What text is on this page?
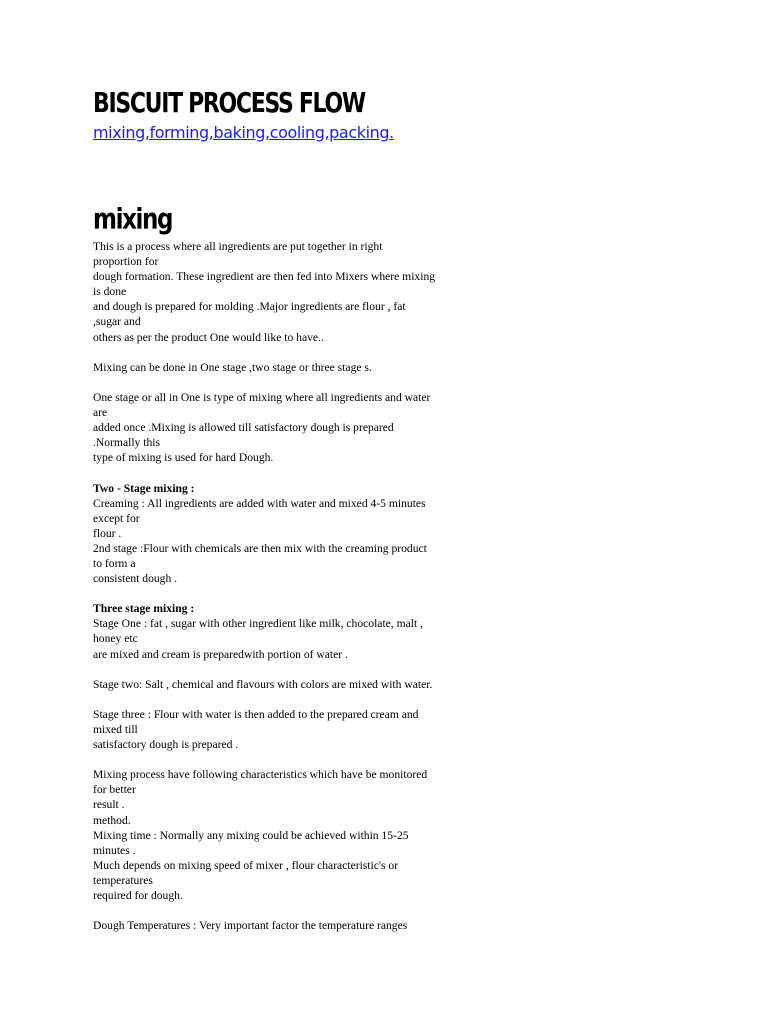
BISCUIT PROCESS FLOW
mixing,forming,baking,cooling,packing.
mixing
This is a process where all ingredients are put together in right
proportion for
dough formation. These ingredient are then fed into Mixers where mixing
is done
and dough is prepared for molding .Major ingredients are flour , fat
,sugar and
others as per the product One would like to have..
Mixing can be done in One stage ,two stage or three stage s.
One stage or all in One is type of mixing where all ingredients and water
are
added once .Mixing is allowed till satisfactory dough is prepared
.Normally this
type of mixing is used for hard Dough.
Two - Stage mixing :
Creaming : All ingredients are added with water and mixed 4-5 minutes
except for
flour .
2nd stage :Flour with chemicals are then mix with the creaming product
to form a
consistent dough .
Three stage mixing :
Stage One : fat , sugar with other ingredient like milk, chocolate, malt ,
honey etc
are mixed and cream is preparedwith portion of water .
Stage two: Salt , chemical and flavours with colors are mixed with water.
Stage three : Flour with water is then added to the prepared cream and
mixed till
satisfactory dough is prepared .
Mixing process have following characteristics which have be monitored
for better
result .
method.
Mixing time : Normally any mixing could be achieved within 15-25
minutes .
Much depends on mixing speed of mixer , flour characteristic's or
temperatures
required for dough.
Dough Temperatures : Very important factor the temperature ranges
